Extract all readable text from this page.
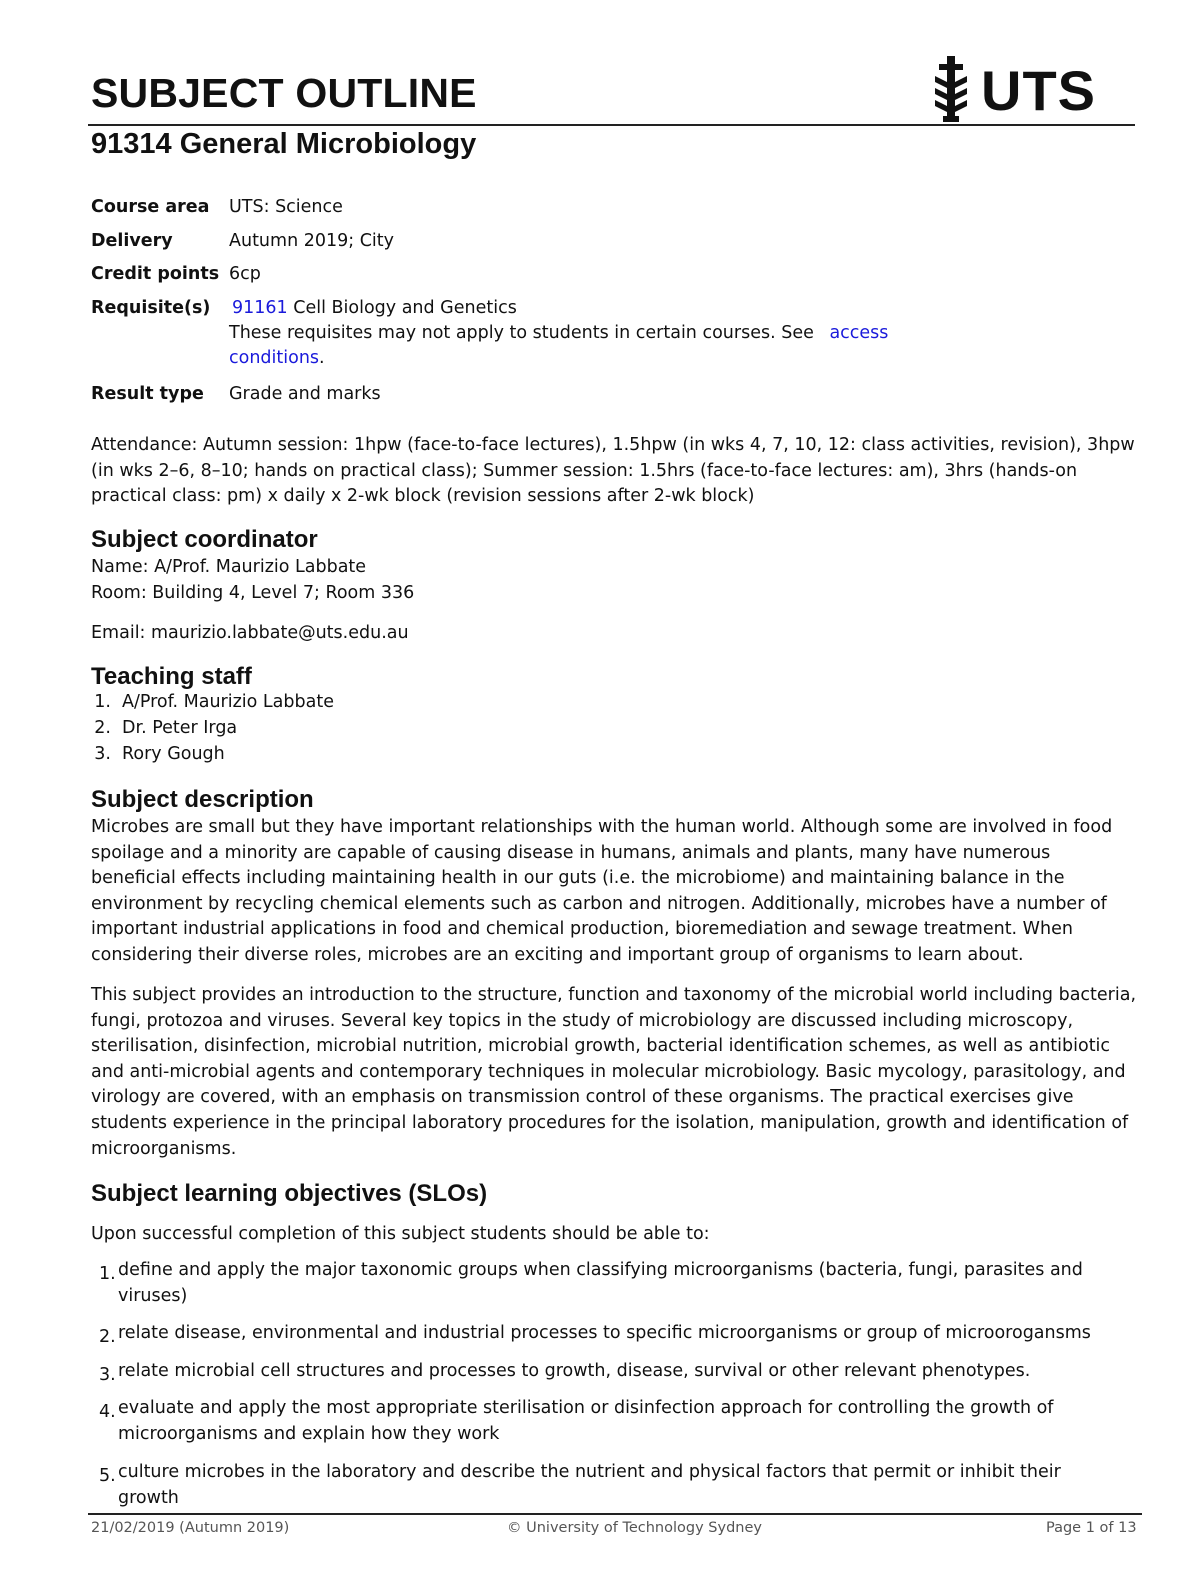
SUBJECT OUTLINE	UTS
91314 General Microbiology
Course area	UTS: Science
Delivery	Autumn 2019; City
Credit points 6cp
Requisite(s)	91161 Cell Biology and Genetics
These requisites may not apply to students in certain courses. See access
conditions.
Result type	Grade and marks

Attendance: Autumn session: 1hpw (face-to-face lectures), 1.5hpw (in wks 4, 7, 10, 12: class activities, revision), 3hpw (in wks 2–6, 8–10; hands on practical class); Summer session: 1.5hrs (face-to-face lectures: am), 3hrs (hands-on practical class: pm) x daily x 2-wk block (revision sessions after 2-wk block)

Subject coordinator
Name: A/Prof. Maurizio Labbate
Room: Building 4, Level 7; Room 336
Email: maurizio.labbate@uts.edu.au
Teaching staff
1. A/Prof. Maurizio Labbate
2. Dr. Peter Irga
3. Rory Gough
Subject description

Microbes are small but they have important relationships with the human world. Although some are involved in food spoilage and a minority are capable of causing disease in humans, animals and plants, many have numerous beneficial effects including maintaining health in our guts (i.e. the microbiome) and maintaining balance in the environment by recycling chemical elements such as carbon and nitrogen. Additionally, microbes have a number of important industrial applications in food and chemical production, bioremediation and sewage treatment. When considering their diverse roles, microbes are an exciting and important group of organisms to learn about.

This subject provides an introduction to the structure, function and taxonomy of the microbial world including bacteria, fungi, protozoa and viruses. Several key topics in the study of microbiology are discussed including microscopy, sterilisation, disinfection, microbial nutrition, microbial growth, bacterial identification schemes, as well as antibiotic and anti-microbial agents and contemporary techniques in molecular microbiology. Basic mycology, parasitology, and virology are covered, with an emphasis on transmission control of these organisms. The practical exercises give students experience in the principal laboratory procedures for the isolation, manipulation, growth and identification of microorganisms.

Subject learning objectives (SLOs)
Upon successful completion of this subject students should be able to:
1. define and apply the major taxonomic groups when classifying microorganisms (bacteria, fungi, parasites and viruses)
2. relate disease, environmental and industrial processes to specific microorganisms or group of microorogansms
3. relate microbial cell structures and processes to growth, disease, survival or other relevant phenotypes.
4. evaluate and apply the most appropriate sterilisation or disinfection approach for controlling the growth of microorganisms and explain how they work
5. culture microbes in the laboratory and describe the nutrient and physical factors that permit or inhibit their growth
21/02/2019 (Autumn 2019)	© University of Technology Sydney	Page 1 of 13
